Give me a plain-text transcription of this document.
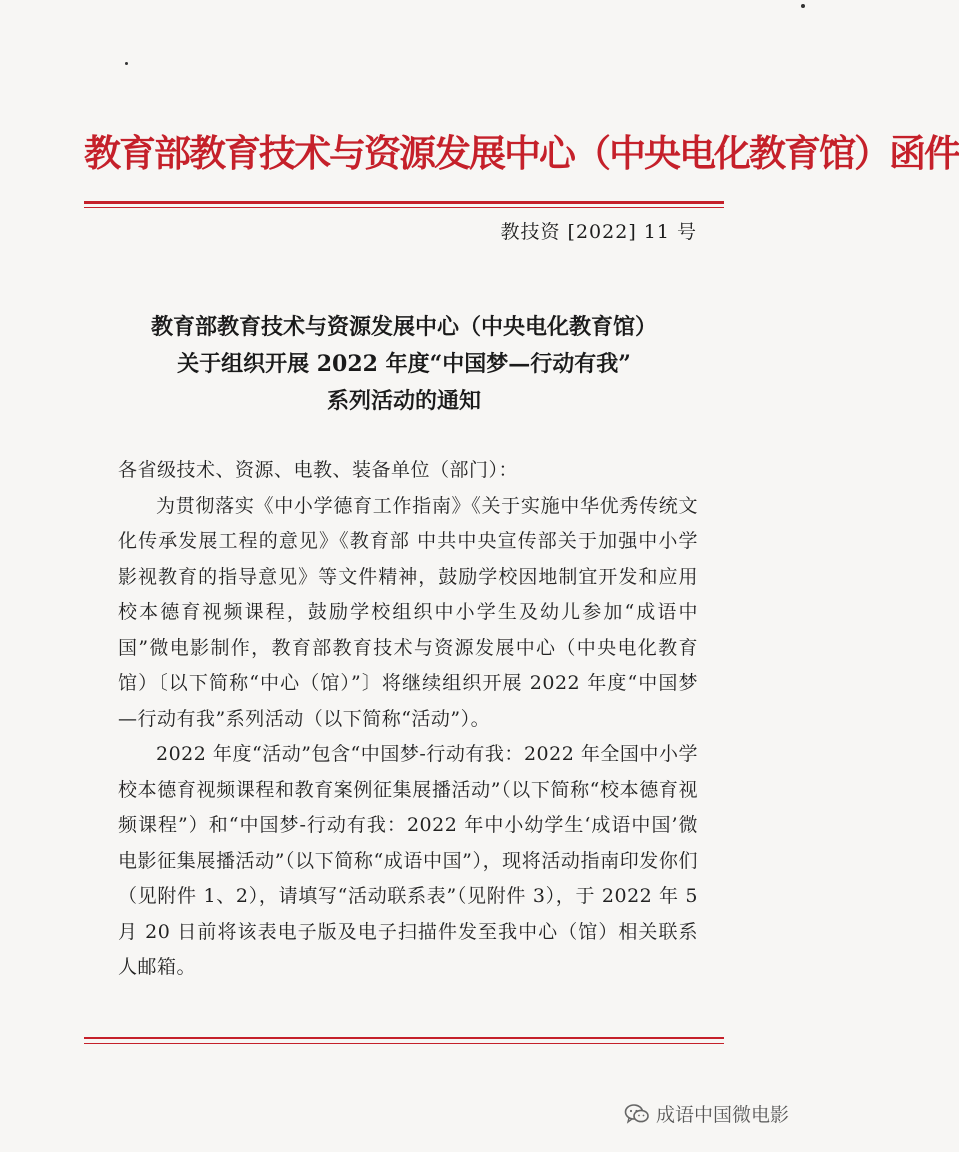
教育部教育技术与资源发展中心（中央电化教育馆）函件
教技资 [2022] 11 号
教育部教育技术与资源发展中心（中央电化教育馆）
关于组织开展 2022 年度“中国梦—行动有我”
系列活动的通知

各省级技术、资源、电教、装备单位（部门）：

为贯彻落实《中小学德育工作指南》《关于实施中华优秀传统文化传承发展工程的意见》《教育部 中共中央宣传部关于加强中小学影视教育的指导意见》等文件精神，鼓励学校因地制宜开发和应用校本德育视频课程，鼓励学校组织中小学生及幼儿参加“成语中国”微电影制作，教育部教育技术与资源发展中心（中央电化教育馆）〔以下简称“中心（馆）”〕将继续组织开展 2022 年度“中国梦—行动有我”系列活动（以下简称“活动”）。

2022 年度“活动”包含“中国梦-行动有我：2022 年全国中小学校本德育视频课程和教育案例征集展播活动”（以下简称“校本德育视频课程”）和“中国梦-行动有我：2022 年中小幼学生‘成语中国’微电影征集展播活动”（以下简称“成语中国”），现将活动指南印发你们（见附件 1、2），请填写“活动联系表”（见附件 3），于 2022 年 5 月 20 日前将该表电子版及电子扫描件发至我中心（馆）相关联系人邮箱。

成语中国微电影
